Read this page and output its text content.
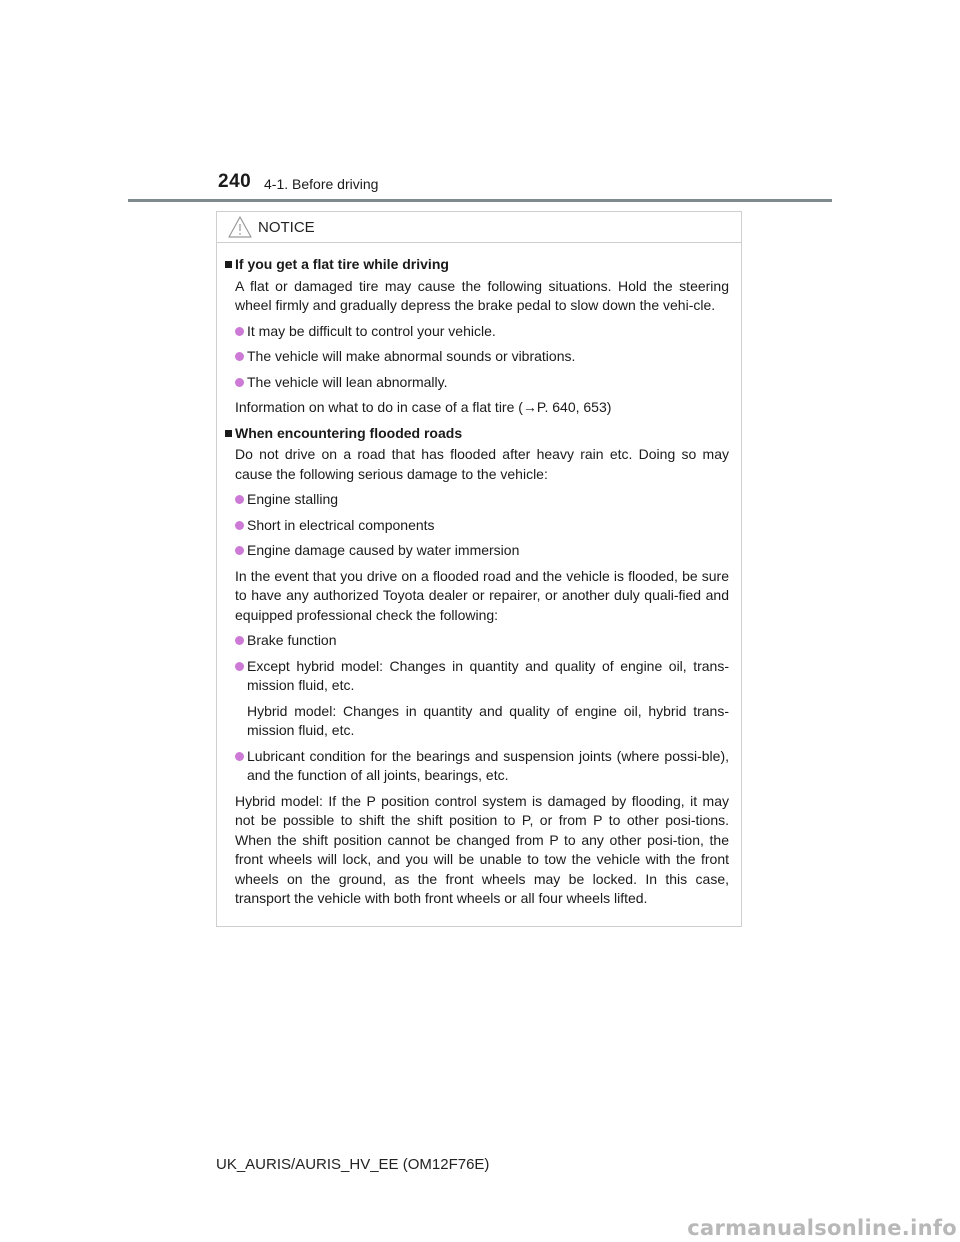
240 4-1. Before driving
NOTICE
If you get a flat tire while driving

A flat or damaged tire may cause the following situations. Hold the steering wheel firmly and gradually depress the brake pedal to slow down the vehi-cle.

It may be difficult to control your vehicle.
The vehicle will make abnormal sounds or vibrations.
The vehicle will lean abnormally.

Information on what to do in case of a flat tire (→P. 640, 653)

When encountering flooded roads

Do not drive on a road that has flooded after heavy rain etc. Doing so may cause the following serious damage to the vehicle:

Engine stalling
Short in electrical components
Engine damage caused by water immersion

In the event that you drive on a flooded road and the vehicle is flooded, be sure to have any authorized Toyota dealer or repairer, or another duly quali-fied and equipped professional check the following:

Brake function
Except hybrid model: Changes in quantity and quality of engine oil, trans-mission fluid, etc.

Hybrid model: Changes in quantity and quality of engine oil, hybrid trans-mission fluid, etc.

Lubricant condition for the bearings and suspension joints (where possi-ble), and the function of all joints, bearings, etc.

Hybrid model: If the P position control system is damaged by flooding, it may not be possible to shift the shift position to P, or from P to other posi-tions. When the shift position cannot be changed from P to any other posi-tion, the front wheels will lock, and you will be unable to tow the vehicle with the front wheels on the ground, as the front wheels may be locked. In this case, transport the vehicle with both front wheels or all four wheels lifted.

UK_AURIS/AURIS_HV_EE (OM12F76E)
carmanualsonline.info
